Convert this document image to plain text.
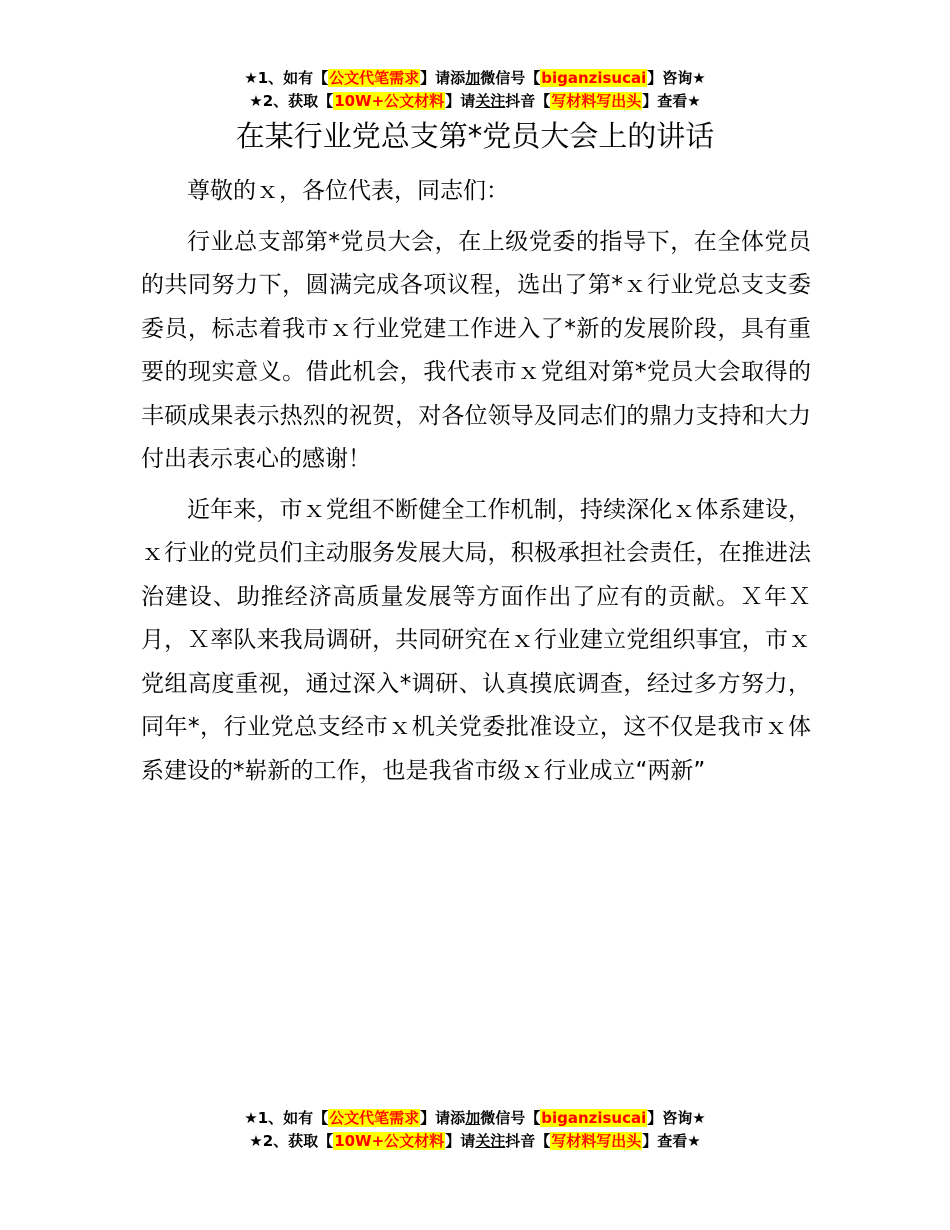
★1、如有【公文代笔需求】请添加微信号【biganzisucai】咨询★
★2、获取【10W+公文材料】请关注抖音【写材料写出头】查看★
在某行业党总支第*党员大会上的讲话

尊敬的ｘ，各位代表，同志们：

行业总支部第*党员大会，在上级党委的指导下，在全体党员的共同努力下，圆满完成各项议程，选出了第*ｘ行业党总支支委委员，标志着我市ｘ行业党建工作进入了*新的发展阶段，具有重要的现实意义。借此机会，我代表市ｘ党组对第*党员大会取得的丰硕成果表示热烈的祝贺，对各位领导及同志们的鼎力支持和大力付出表示衷心的感谢！

近年来，市ｘ党组不断健全工作机制，持续深化ｘ体系建设，ｘ行业的党员们主动服务发展大局，积极承担社会责任，在推进法治建设、助推经济高质量发展等方面作出了应有的贡献。Ｘ年Ｘ月，Ｘ率队来我局调研，共同研究在ｘ行业建立党组织事宜，市ｘ党组高度重视，通过深入*调研、认真摸底调查，经过多方努力，同年*，行业党总支经市ｘ机关党委批准设立，这不仅是我市ｘ体系建设的*崭新的工作，也是我省市级ｘ行业成立“两新”

★1、如有【公文代笔需求】请添加微信号【biganzisucai】咨询★
★2、获取【10W+公文材料】请关注抖音【写材料写出头】查看★
